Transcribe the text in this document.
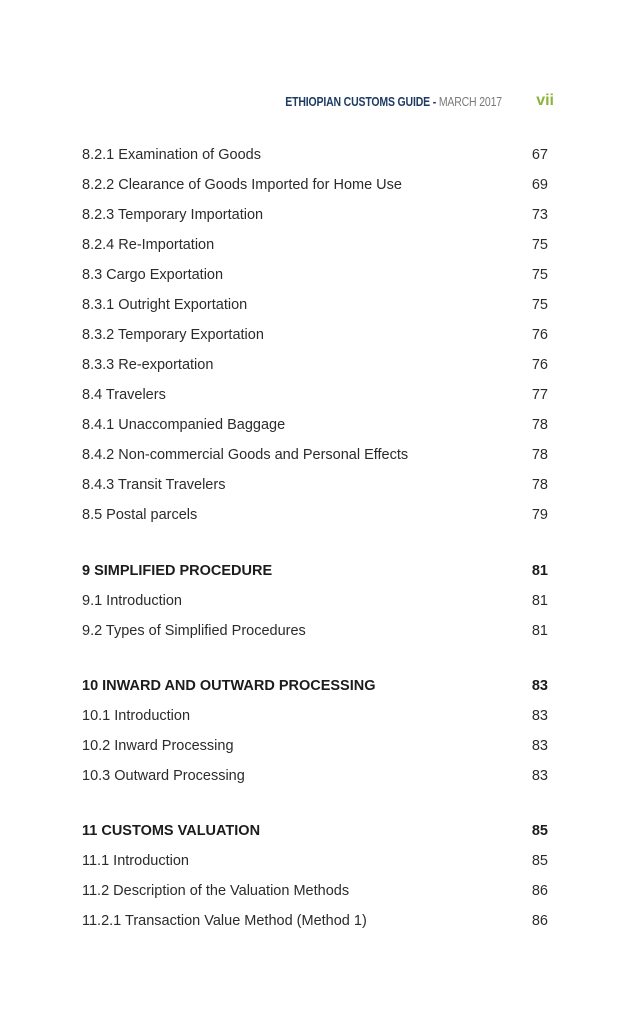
ETHIOPIAN CUSTOMS GUIDE - MARCH 2017 vii
8.2.1 Examination of Goods	67
8.2.2 Clearance of Goods Imported for Home Use	69
8.2.3 Temporary Importation	73
8.2.4 Re-Importation	75
8.3 Cargo Exportation	75
8.3.1 Outright Exportation	75
8.3.2 Temporary Exportation	76
8.3.3 Re-exportation	76
8.4 Travelers	77
8.4.1 Unaccompanied Baggage	78
8.4.2 Non-commercial Goods and Personal Effects	78
8.4.3 Transit Travelers	78
8.5 Postal parcels	79
9 SIMPLIFIED PROCEDURE	81
9.1 Introduction	81
9.2 Types of Simplified Procedures	81
10 INWARD AND OUTWARD PROCESSING	83
10.1 Introduction	83
10.2 Inward Processing	83
10.3 Outward Processing	83
11 CUSTOMS VALUATION	85
11.1 Introduction	85
11.2 Description of the Valuation Methods	86
11.2.1 Transaction Value Method (Method 1)	86
